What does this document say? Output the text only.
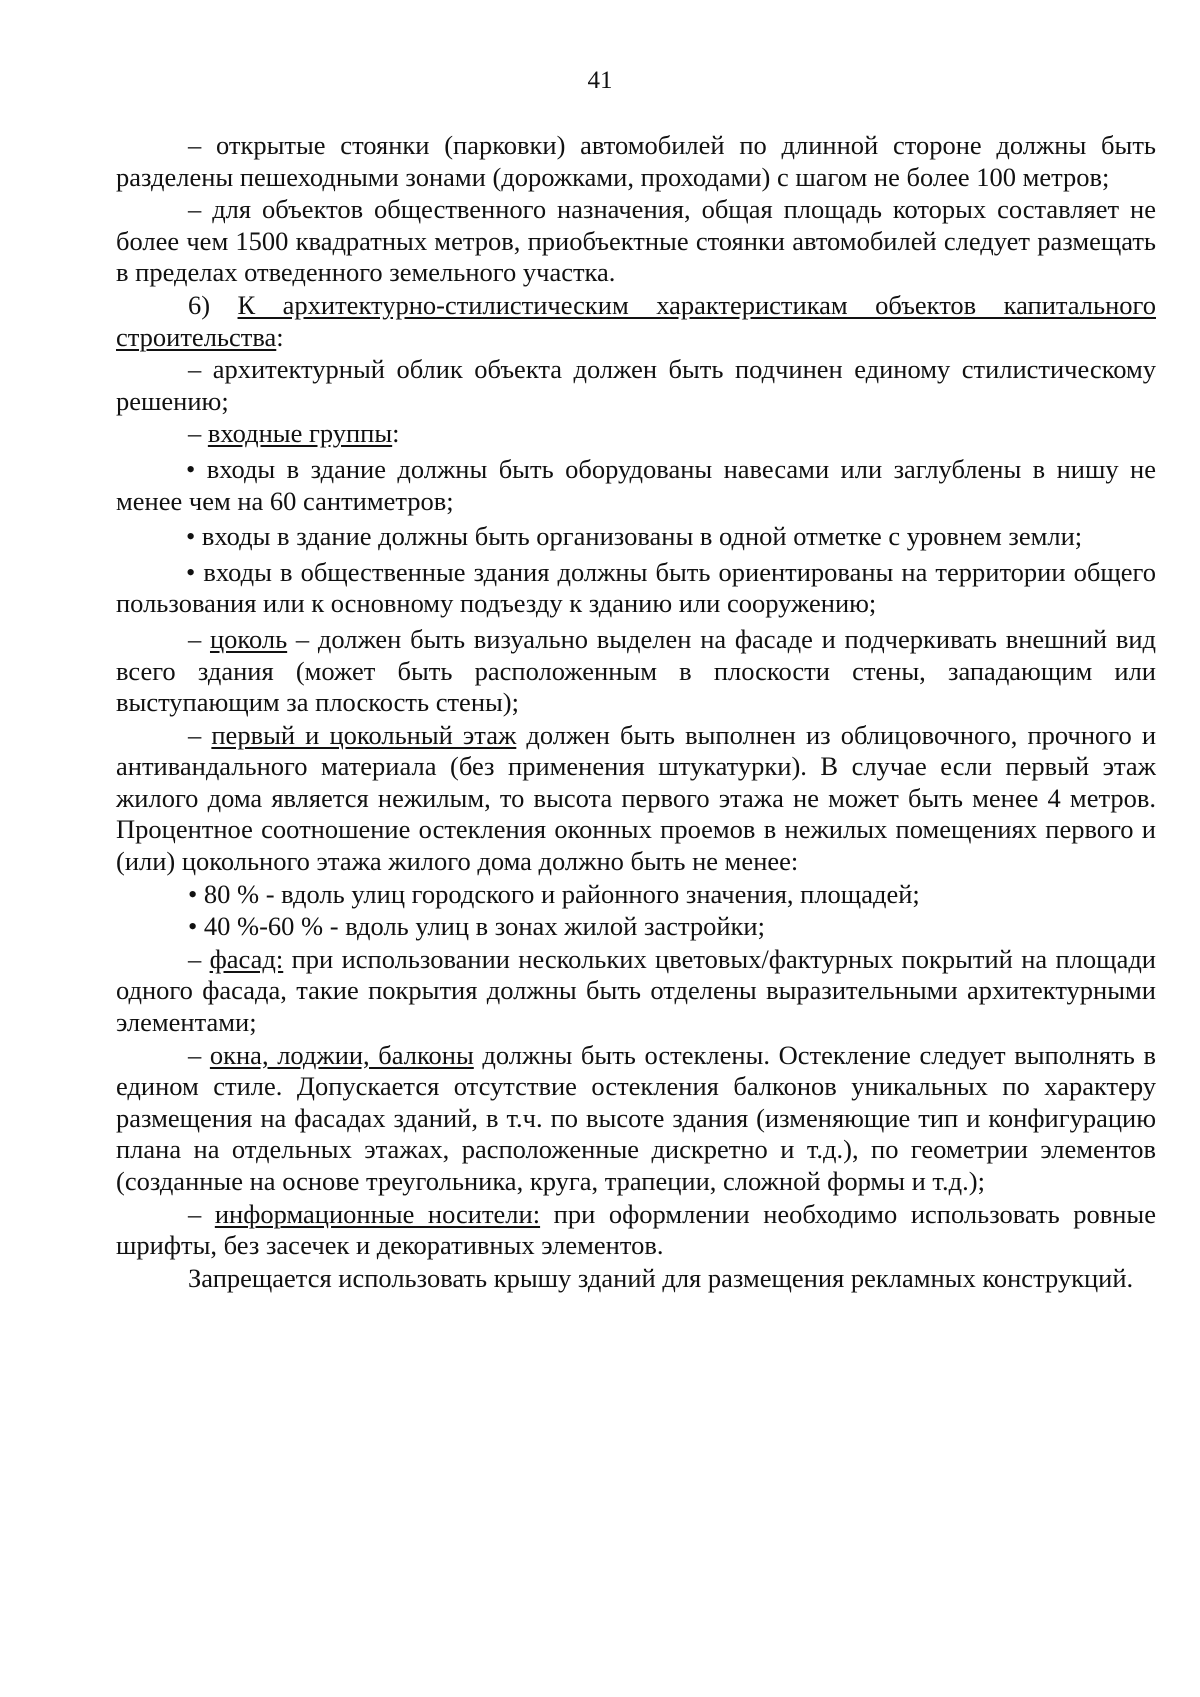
41

– открытые стоянки (парковки) автомобилей по длинной стороне должны быть разделены пешеходными зонами (дорожками, проходами) с шагом не более 100 метров;

– для объектов общественного назначения, общая площадь которых составляет не более чем 1500 квадратных метров, приобъектные стоянки автомобилей следует размещать в пределах отведенного земельного участка.

6) К архитектурно-стилистическим характеристикам объектов капитального строительства:

– архитектурный облик объекта должен быть подчинен единому стилистическому решению;

– входные группы:

• входы в здание должны быть оборудованы навесами или заглублены в нишу не менее чем на 60 сантиметров;

• входы в здание должны быть организованы в одной отметке с уровнем земли;

• входы в общественные здания должны быть ориентированы на территории общего пользования или к основному подъезду к зданию или сооружению;

– цоколь – должен быть визуально выделен на фасаде и подчеркивать внешний вид всего здания (может быть расположенным в плоскости стены, западающим или выступающим за плоскость стены);

– первый и цокольный этаж должен быть выполнен из облицовочного, прочного и антивандального материала (без применения штукатурки). В случае если первый этаж жилого дома является нежилым, то высота первого этажа не может быть менее 4 метров. Процентное соотношение остекления оконных проемов в нежилых помещениях первого и (или) цокольного этажа жилого дома должно быть не менее:

• 80 % - вдоль улиц городского и районного значения, площадей;

• 40 %-60 % - вдоль улиц в зонах жилой застройки;

– фасад: при использовании нескольких цветовых/фактурных покрытий на площади одного фасада, такие покрытия должны быть отделены выразительными архитектурными элементами;

– окна, лоджии, балконы должны быть остеклены. Остекление следует выполнять в едином стиле. Допускается отсутствие остекления балконов уникальных по характеру размещения на фасадах зданий, в т.ч. по высоте здания (изменяющие тип и конфигурацию плана на отдельных этажах, расположенные дискретно и т.д.), по геометрии элементов (созданные на основе треугольника, круга, трапеции, сложной формы и т.д.);

– информационные носители: при оформлении необходимо использовать ровные шрифты, без засечек и декоративных элементов.

Запрещается использовать крышу зданий для размещения рекламных конструкций.
